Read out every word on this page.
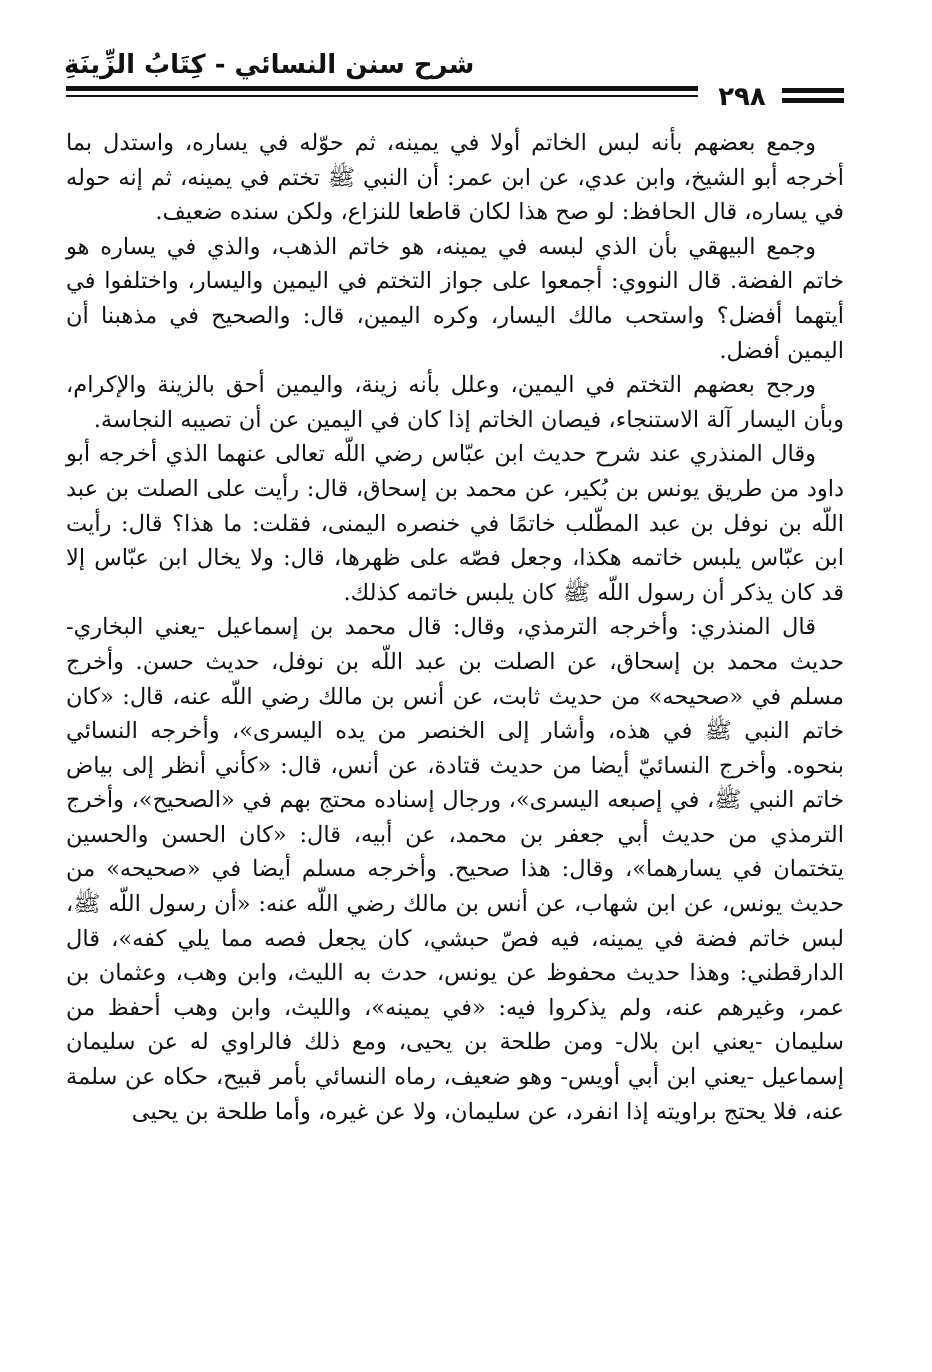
شرح سنن النسائي - كِتَابُ الزِّينَةِ
٢٩٨

وجمع بعضهم بأنه لبس الخاتم أولا في يمينه، ثم حوّله في يساره، واستدل بما أخرجه أبو الشيخ، وابن عدي، عن ابن عمر: أن النبي ﷺ تختم في يمينه، ثم إنه حوله في يساره، قال الحافظ: لو صح هذا لكان قاطعا للنزاع، ولكن سنده ضعيف.

وجمع البيهقي بأن الذي لبسه في يمينه، هو خاتم الذهب، والذي في يساره هو خاتم الفضة. قال النووي: أجمعوا على جواز التختم في اليمين واليسار، واختلفوا في أيتهما أفضل؟ واستحب مالك اليسار، وكره اليمين، قال: والصحيح في مذهبنا أن اليمين أفضل.

ورجح بعضهم التختم في اليمين، وعلل بأنه زينة، واليمين أحق بالزينة والإكرام، وبأن اليسار آلة الاستنجاء، فيصان الخاتم إذا كان في اليمين عن أن تصيبه النجاسة.

وقال المنذري عند شرح حديث ابن عبّاس رضي اللّه تعالى عنهما الذي أخرجه أبو داود من طريق يونس بن بُكير، عن محمد بن إسحاق، قال: رأيت على الصلت بن عبد اللّه بن نوفل بن عبد المطّلب خاتمًا في خنصره اليمنى، فقلت: ما هذا؟ قال: رأيت ابن عبّاس يلبس خاتمه هكذا، وجعل فصّه على ظهرها، قال: ولا يخال ابن عبّاس إلا قد كان يذكر أن رسول اللّه ﷺ كان يلبس خاتمه كذلك.

قال المنذري: وأخرجه الترمذي، وقال: قال محمد بن إسماعيل -يعني البخاري- حديث محمد بن إسحاق، عن الصلت بن عبد اللّه بن نوفل، حديث حسن. وأخرج مسلم في «صحيحه» من حديث ثابت، عن أنس بن مالك رضي اللّه عنه، قال: «كان خاتم النبي ﷺ في هذه، وأشار إلى الخنصر من يده اليسرى»، وأخرجه النسائي بنحوه. وأخرج النسائيّ أيضا من حديث قتادة، عن أنس، قال: «كأني أنظر إلى بياض خاتم النبي ﷺ، في إصبعه اليسرى»، ورجال إسناده محتج بهم في «الصحيح»، وأخرج الترمذي من حديث أبي جعفر بن محمد، عن أبيه، قال: «كان الحسن والحسين يتختمان في يسارهما»، وقال: هذا صحيح. وأخرجه مسلم أيضا في «صحيحه» من حديث يونس، عن ابن شهاب، عن أنس بن مالك رضي اللّه عنه: «أن رسول اللّه ﷺ، لبس خاتم فضة في يمينه، فيه فصّ حبشي، كان يجعل فصه مما يلي كفه»، قال الدارقطني: وهذا حديث محفوظ عن يونس، حدث به الليث، وابن وهب، وعثمان بن عمر، وغيرهم عنه، ولم يذكروا فيه: «في يمينه»، والليث، وابن وهب أحفظ من سليمان -يعني ابن بلال- ومن طلحة بن يحيى، ومع ذلك فالراوي له عن سليمان إسماعيل -يعني ابن أبي أويس- وهو ضعيف، رماه النسائي بأمر قبيح، حكاه عن سلمة عنه، فلا يحتج براويته إذا انفرد، عن سليمان، ولا عن غيره، وأما طلحة بن يحيى
